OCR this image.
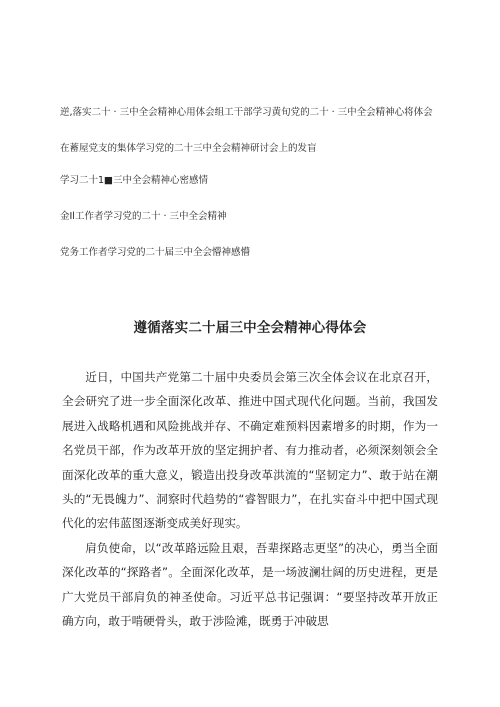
逆,落实二十 · 三中全会精神心用体会组工干部学习黄旬党的二十 · 三中全会精神心将体会
在蓄屋党支的集体学习党的二十三中全会精神研讨会上的发盲
学习二十1■三中全会精神心密感情
金Il工作者学习党的二十 · 三中全会精神
党务工作者学习党的二十届三中全会懵神感懵
遵循落实二十届三中全会精神心得体会

近日，中国共产党第二十届中央委员会第三次全体会议在北京召开，全会研究了进一步全面深化改革、推进中国式现代化问题。当前，我国发展进入战略机遇和风险挑战并存、不确定难预料因素增多的时期，作为一名党员干部，作为改革开放的坚定拥护者、有力推动者，必须深刻领会全面深化改革的重大意义，锻造出投身改革洪流的“坚韧定力”、敢于站在潮头的“无畏魄力”、洞察时代趋势的“睿智眼力”，在扎实奋斗中把中国式现代化的宏伟蓝图逐渐变成美好现实。

肩负使命，以“改革路远险且艰，吾辈探路志更坚”的决心，勇当全面深化改革的“探路者”。全面深化改革，是一场波澜壮阔的历史进程，更是广大党员干部肩负的神圣使命。习近平总书记强调：“要坚持改革开放正确方向，敢于啃硬骨头，敢于涉险滩，既勇于冲破思
